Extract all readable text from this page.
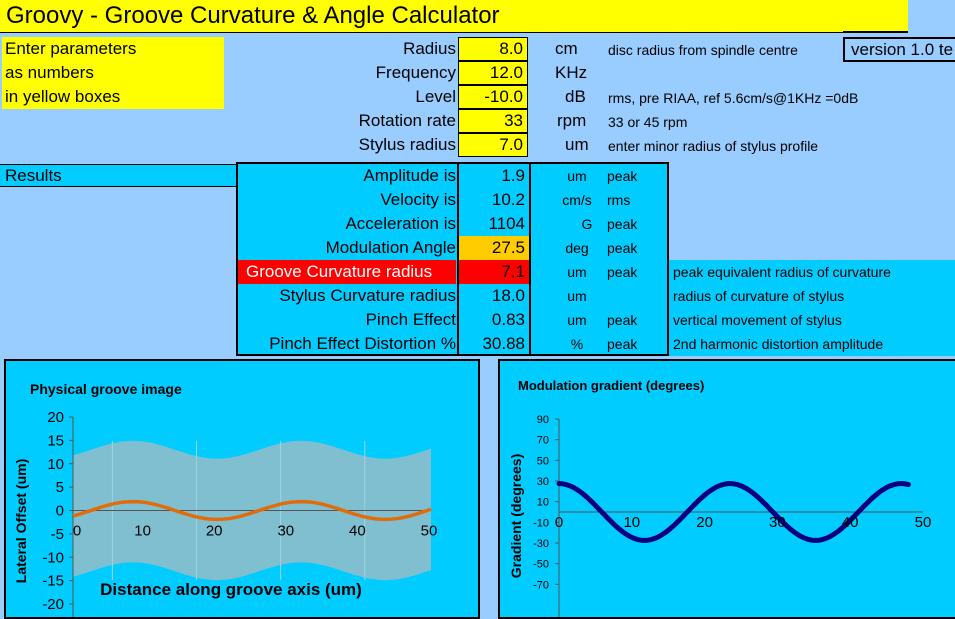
Groovy - Groove Curvature & Angle Calculator
Enter parameters
as numbers
in yellow boxes
version 1.0 te
Radius	8.0 cm	disc radius from spindle centre
Frequency	12.0 KHz
Level	-10.0 dB	rms, pre RIAA, ref 5.6cm/s@1KHz =0dB
Rotation rate	33 rpm	33 or 45 rpm
Stylus radius	7.0 um	enter minor radius of stylus profile
Results	Amplitude is	1.9	um	peak
Velocity is	10.2	cm/s	rms
Acceleration is	1104	G	peak
Modulation Angle	27.5	deg	peak
Groove Curvature radius	7.1	um	peak	peak equivalent radius of curvature
Stylus Curvature radius	18.0	um	radius of curvature of stylus
Pinch Effect	0.83	um	peak	vertical movement of stylus
Pinch Effect Distortion %	30.88	%	peak	2nd harmonic distortion amplitude
Physical groove image
Distance along groove axis (um)
Lateral Offset (um)
20
15
10
5
0
-5
-10
-15
-20
0	10	20	30	40	50
Modulation gradient (degrees)
Gradient (degrees)
90
70
50
30
10
-10
-30
-50
-70
0	10	20	30	40	50
